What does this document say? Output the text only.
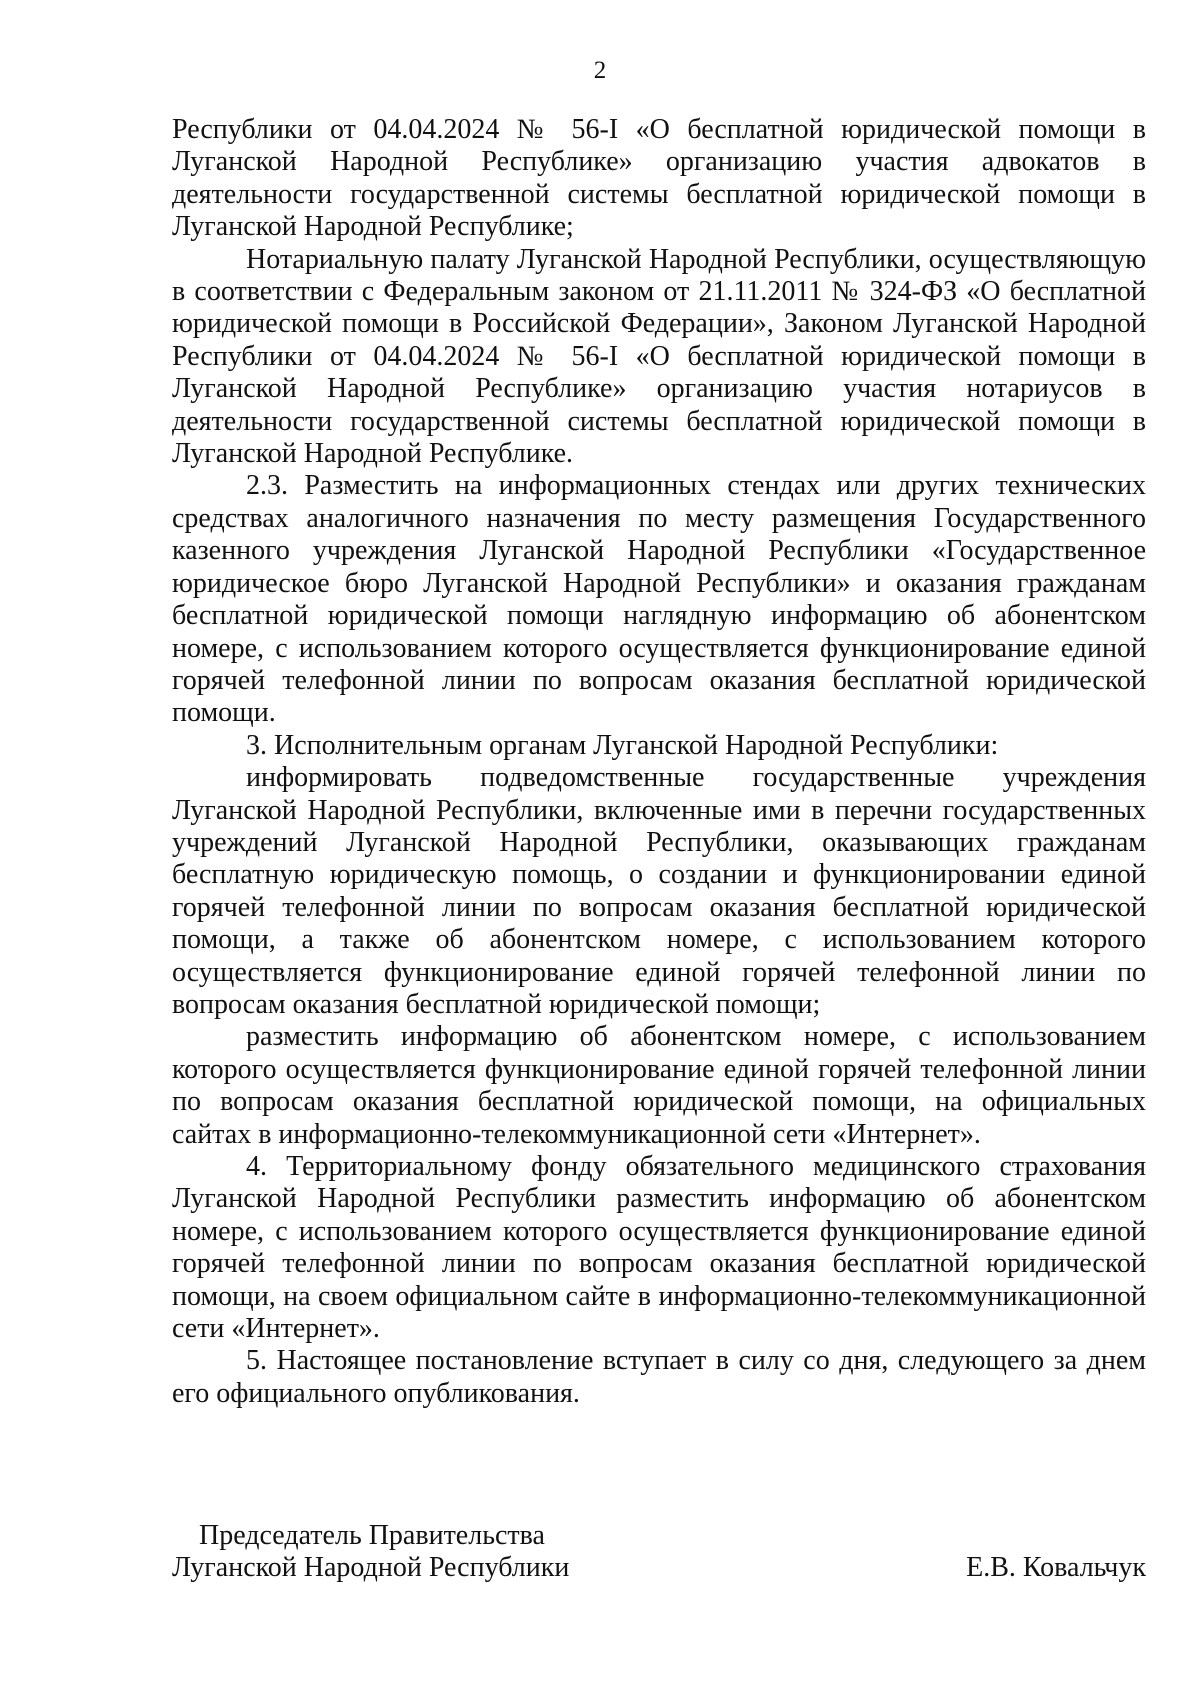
2

Республики от 04.04.2024 № 56-I «О бесплатной юридической помощи в Луганской Народной Республике» организацию участия адвокатов в деятельности государственной системы бесплатной юридической помощи в Луганской Народной Республике;

Нотариальную палату Луганской Народной Республики, осуществляющую в соответствии с Федеральным законом от 21.11.2011 № 324-ФЗ «О бесплатной юридической помощи в Российской Федерации», Законом Луганской Народной Республики от 04.04.2024 № 56-I «О бесплатной юридической помощи в Луганской Народной Республике» организацию участия нотариусов в деятельности государственной системы бесплатной юридической помощи в Луганской Народной Республике.

2.3. Разместить на информационных стендах или других технических средствах аналогичного назначения по месту размещения Государственного казенного учреждения Луганской Народной Республики «Государственное юридическое бюро Луганской Народной Республики» и оказания гражданам бесплатной юридической помощи наглядную информацию об абонентском номере, с использованием которого осуществляется функционирование единой горячей телефонной линии по вопросам оказания бесплатной юридической помощи.

3. Исполнительным органам Луганской Народной Республики:

информировать подведомственные государственные учреждения Луганской Народной Республики, включенные ими в перечни государственных учреждений Луганской Народной Республики, оказывающих гражданам бесплатную юридическую помощь, о создании и функционировании единой горячей телефонной линии по вопросам оказания бесплатной юридической помощи, а также об абонентском номере, с использованием которого осуществляется функционирование единой горячей телефонной линии по вопросам оказания бесплатной юридической помощи;

разместить информацию об абонентском номере, с использованием которого осуществляется функционирование единой горячей телефонной линии по вопросам оказания бесплатной юридической помощи, на официальных сайтах в информационно-телекоммуникационной сети «Интернет».

4. Территориальному фонду обязательного медицинского страхования Луганской Народной Республики разместить информацию об абонентском номере, с использованием которого осуществляется функционирование единой горячей телефонной линии по вопросам оказания бесплатной юридической помощи, на своем официальном сайте в информационно-телекоммуникационной сети «Интернет».

5. Настоящее постановление вступает в силу со дня, следующего за днем его официального опубликования.

Председатель Правительства
Луганской Народной Республики	Е.В. Ковальчук
